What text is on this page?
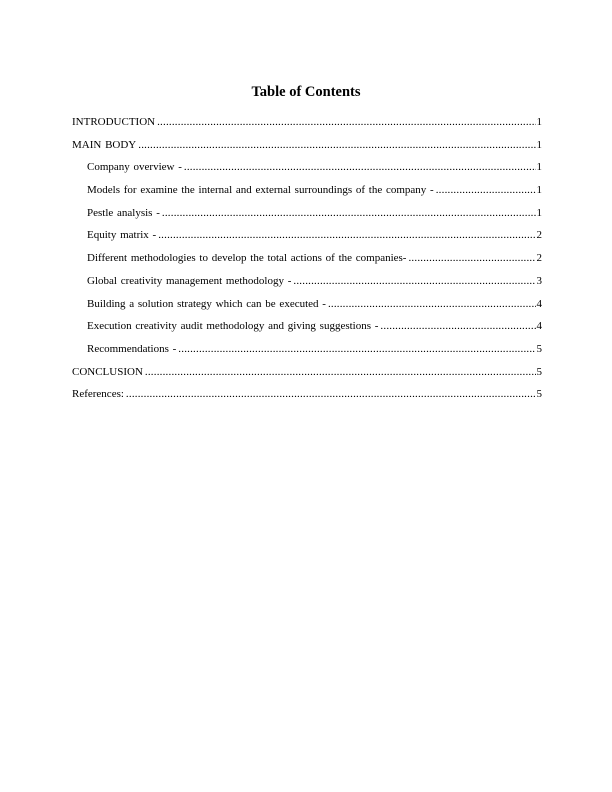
Table of Contents
INTRODUCTION .....	1
MAIN BODY .....	1
Company overview - .....	1
Models for examine the internal and external surroundings of the company - .....	1
Pestle analysis - .....	1
Equity matrix - .....	2
Different methodologies to develop the total actions of the companies- .....	2
Global creativity management methodology - .....	3
Building a solution strategy which can be executed - .....	4
Execution creativity audit methodology and giving suggestions - .....	4
Recommendations - .....	5
CONCLUSION .....	5
References: .....	5
